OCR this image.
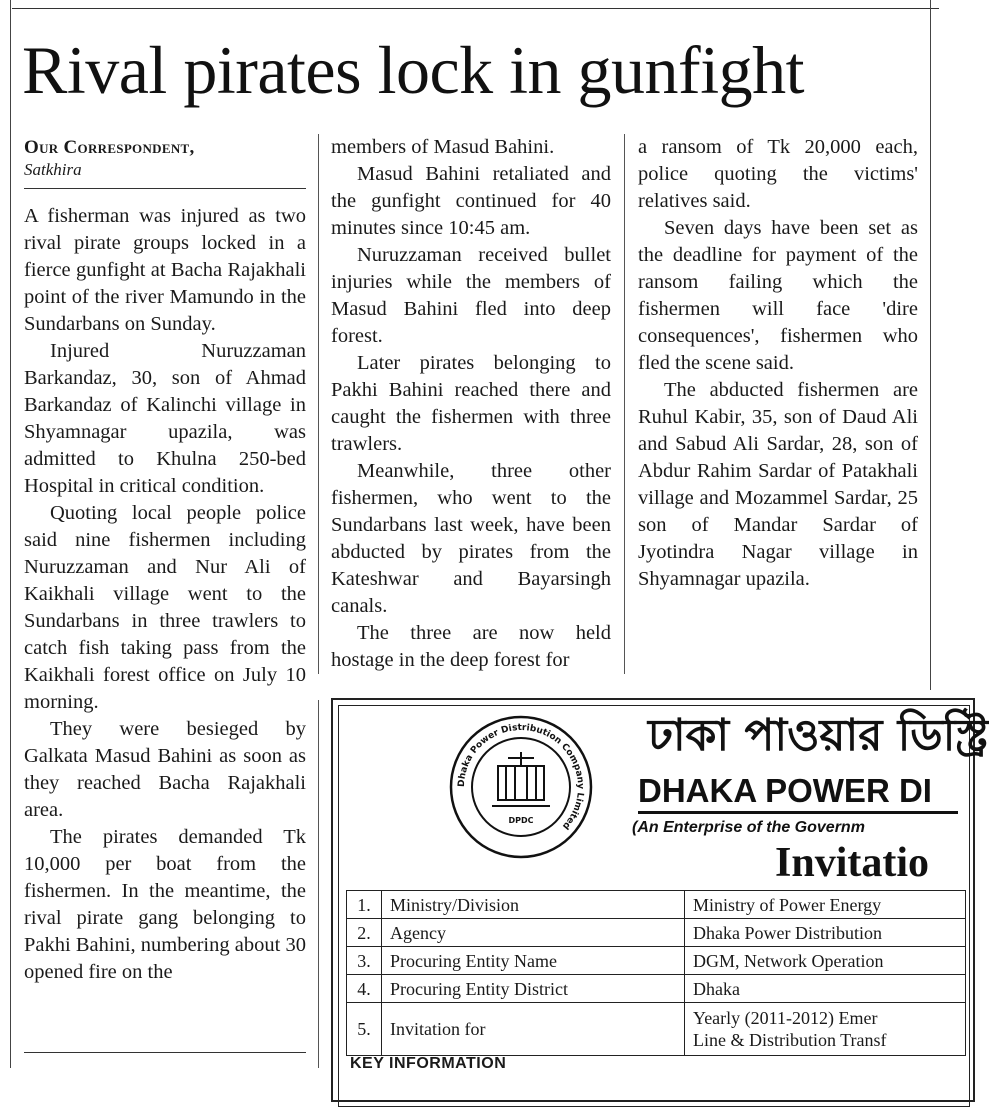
Rival pirates lock in gunfight
Our Correspondent,
Satkhira

A fisherman was injured as two rival pirate groups locked in a fierce gunfight at Bacha Rajakhali point of the river Mamundo in the Sundarbans on Sunday.

Injured Nuruzzaman Barkandaz, 30, son of Ahmad Barkandaz of Kalinchi village in Shyamnagar upazila, was admitted to Khulna 250-bed Hospital in critical condition.

Quoting local people police said nine fishermen including Nuruzzaman and Nur Ali of Kaikhali village went to the Sundarbans in three trawlers to catch fish taking pass from the Kaikhali forest office on July 10 morning.

They were besieged by Galkata Masud Bahini as soon as they reached Bacha Rajakhali area.

The pirates demanded Tk 10,000 per boat from the fishermen. In the meantime, the rival pirate gang belonging to Pakhi Bahini, numbering about 30 opened fire on the

members of Masud Bahini.

Masud Bahini retaliated and the gunfight continued for 40 minutes since 10:45 am.

Nuruzzaman received bullet injuries while the members of Masud Bahini fled into deep forest.

Later pirates belonging to Pakhi Bahini reached there and caught the fishermen with three trawlers.

Meanwhile, three other fishermen, who went to the Sundarbans last week, have been abducted by pirates from the Kateshwar and Bayarsingh canals.

The three are now held hostage in the deep forest for

a ransom of Tk 20,000 each, police quoting the victims' relatives said.

Seven days have been set as the deadline for payment of the ransom failing which the fishermen will face 'dire consequences', fishermen who fled the scene said.

The abducted fishermen are Ruhul Kabir, 35, son of Daud Ali and Sabud Ali Sardar, 28, son of Abdur Rahim Sardar of Patakhali village and Mozammel Sardar, 25 son of Mandar Sardar of Jyotindra Nagar village in Shyamnagar upazila.

Dhaka Power Distribution Company Limited
DPDC
ঢাকা পাওয়ার ডিস্ট্রি
DHAKA POWER DI
(An Enterprise of the Governm
Invitatio
1.	Ministry/Division	Ministry of Power Energy
2.	Agency	Dhaka Power Distribution
3.	Procuring Entity Name	DGM, Network Operation
4.	Procuring Entity District	Dhaka
5.	Invitation for	Yearly (2011-2012) Emer
Line & Distribution Transf
KEY INFORMATION
